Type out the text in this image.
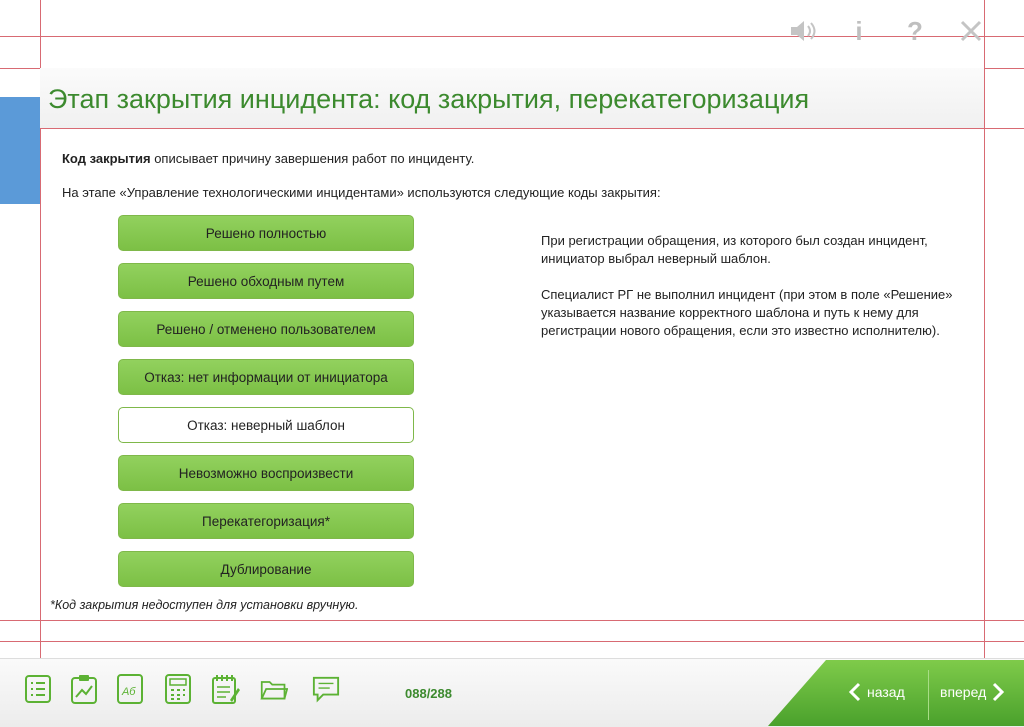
i	?
Этап закрытия инцидента: код закрытия, перекатегоризация
Код закрытия описывает причину завершения работ по инциденту.
На этапе «Управление технологическими инцидентами» используются следующие коды закрытия:
Решено полностью
Решено обходным путем
Решено / отменено пользователем
Отказ: нет информации от инициатора
Отказ: неверный шаблон
Невозможно воспроизвести
Перекатегоризация*
Дублирование

При регистрации обращения, из которого был создан инцидент, инициатор выбрал неверный шаблон.

Специалист РГ не выполнил инцидент (при этом в поле «Решение» указывается название корректного шаблона и путь к нему для регистрации нового обращения, если это известно исполнителю).

*Код закрытия недоступен для установки вручную.
Аб	088/288	назад	вперед
